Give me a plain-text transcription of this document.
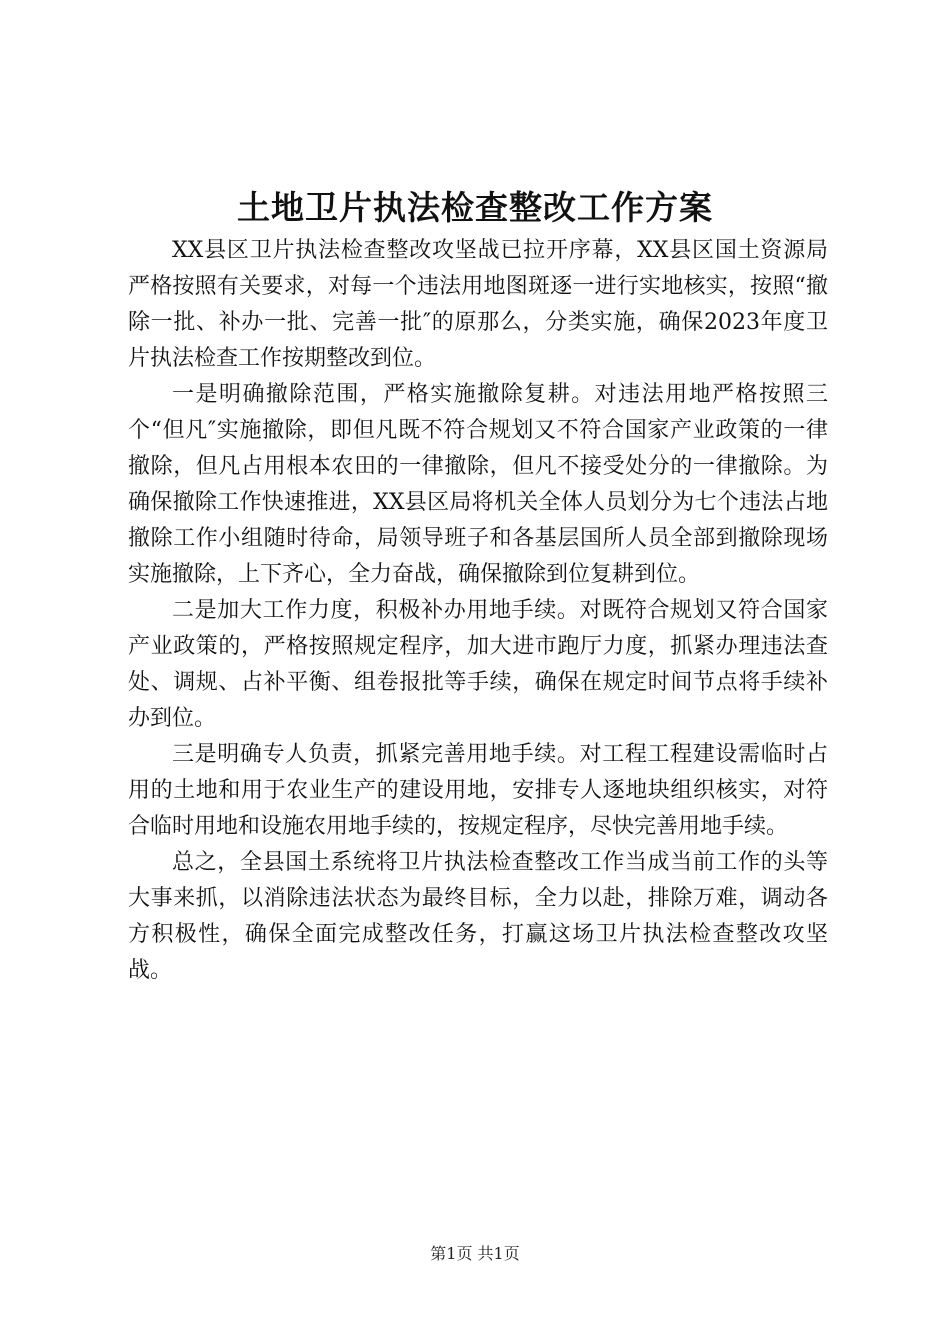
土地卫片执法检查整改工作方案

XX县区卫片执法检查整改攻坚战已拉开序幕，XX县区国土资源局严格按照有关要求，对每一个违法用地图斑逐一进行实地核实，按照“撤除一批、补办一批、完善一批″的原那么，分类实施，确保2023年度卫片执法检查工作按期整改到位。

一是明确撤除范围，严格实施撤除复耕。对违法用地严格按照三个“但凡″实施撤除，即但凡既不符合规划又不符合国家产业政策的一律撤除，但凡占用根本农田的一律撤除，但凡不接受处分的一律撤除。为确保撤除工作快速推进，XX县区局将机关全体人员划分为七个违法占地撤除工作小组随时待命，局领导班子和各基层国所人员全部到撤除现场实施撤除，上下齐心，全力奋战，确保撤除到位复耕到位。

二是加大工作力度，积极补办用地手续。对既符合规划又符合国家产业政策的，严格按照规定程序，加大进市跑厅力度，抓紧办理违法查处、调规、占补平衡、组卷报批等手续，确保在规定时间节点将手续补办到位。

三是明确专人负责，抓紧完善用地手续。对工程工程建设需临时占用的土地和用于农业生产的建设用地，安排专人逐地块组织核实，对符合临时用地和设施农用地手续的，按规定程序，尽快完善用地手续。

总之，全县国土系统将卫片执法检查整改工作当成当前工作的头等大事来抓，以消除违法状态为最终目标，全力以赴，排除万难，调动各方积极性，确保全面完成整改任务，打赢这场卫片执法检查整改攻坚战。

第1页 共1页
